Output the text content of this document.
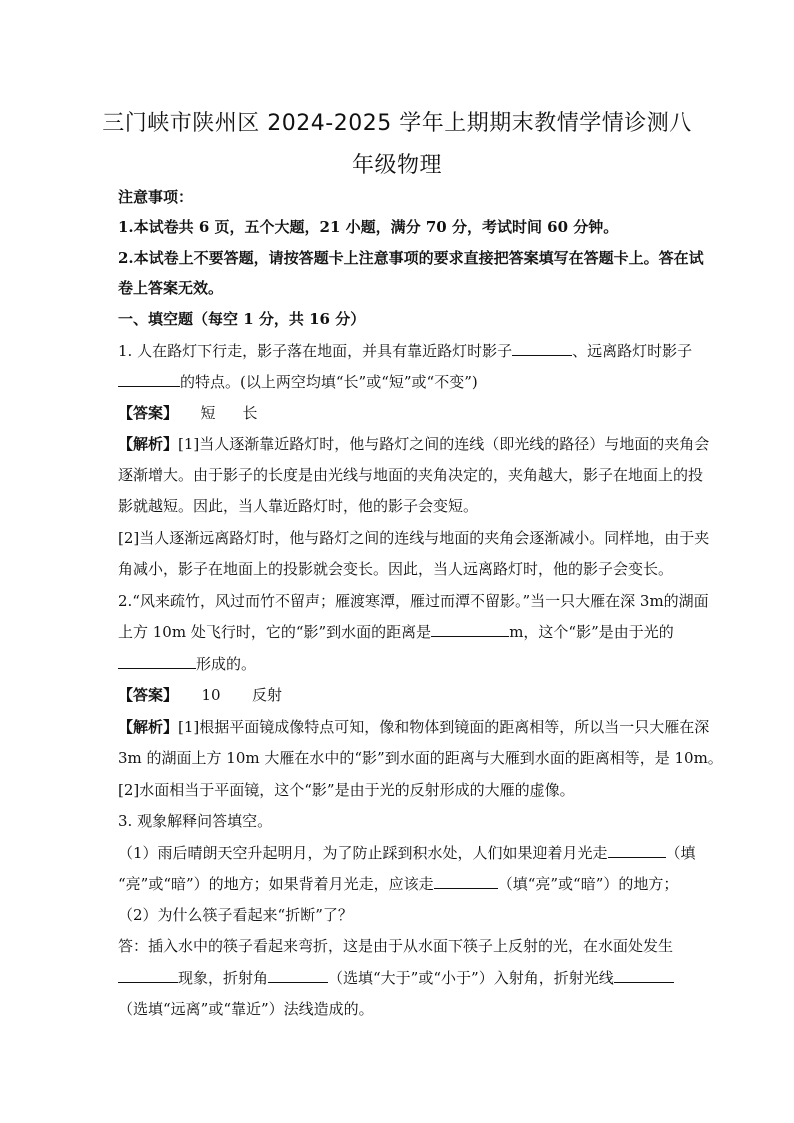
三门峡市陕州区 2024-2025 学年上期期末教情学情诊测八
年级物理
注意事项：
1.本试卷共 6 页，五个大题，21 小题，满分 70 分，考试时间 60 分钟。
2.本试卷上不要答题，请按答题卡上注意事项的要求直接把答案填写在答题卡上。答在试
卷上答案无效。
一、填空题（每空 1 分，共 16 分）
1. 人在路灯下行走，影子落在地面，并具有靠近路灯时影子	、远离路灯时影子
的特点。(以上两空均填“长”或“短”或“不变”)
【答案】 短 长
【解析】[1]当人逐渐靠近路灯时，他与路灯之间的连线（即光线的路径）与地面的夹角会
逐渐增大。由于影子的长度是由光线与地面的夹角决定的，夹角越大，影子在地面上的投
影就越短。因此，当人靠近路灯时，他的影子会变短。
[2]当人逐渐远离路灯时，他与路灯之间的连线与地面的夹角会逐渐减小。同样地，由于夹
角减小，影子在地面上的投影就会变长。因此，当人远离路灯时，他的影子会变长。
2.“风来疏竹，风过而竹不留声；雁渡寒潭，雁过而潭不留影。”当一只大雁在深 3m的湖面
上方 10m 处飞行时，它的“影”到水面的距离是	m，这个“影”是由于光的
形成的。
【答案】 10 反射
【解析】[1]根据平面镜成像特点可知，像和物体到镜面的距离相等，所以当一只大雁在深
3m 的湖面上方 10m 大雁在水中的“影”到水面的距离与大雁到水面的距离相等，是 10m。
[2]水面相当于平面镜，这个“影”是由于光的反射形成的大雁的虚像。
3. 观象解释问答填空。
（1）雨后晴朗天空升起明月，为了防止踩到积水处，人们如果迎着月光走	（填
“亮”或“暗”）的地方；如果背着月光走，应该走	（填“亮”或“暗”）的地方；
（2）为什么筷子看起来“折断”了？
答：插入水中的筷子看起来弯折，这是由于从水面下筷子上反射的光，在水面处发生
现象，折射角	（选填“大于”或“小于”）入射角，折射光线
（选填“远离”或“靠近”）法线造成的。
